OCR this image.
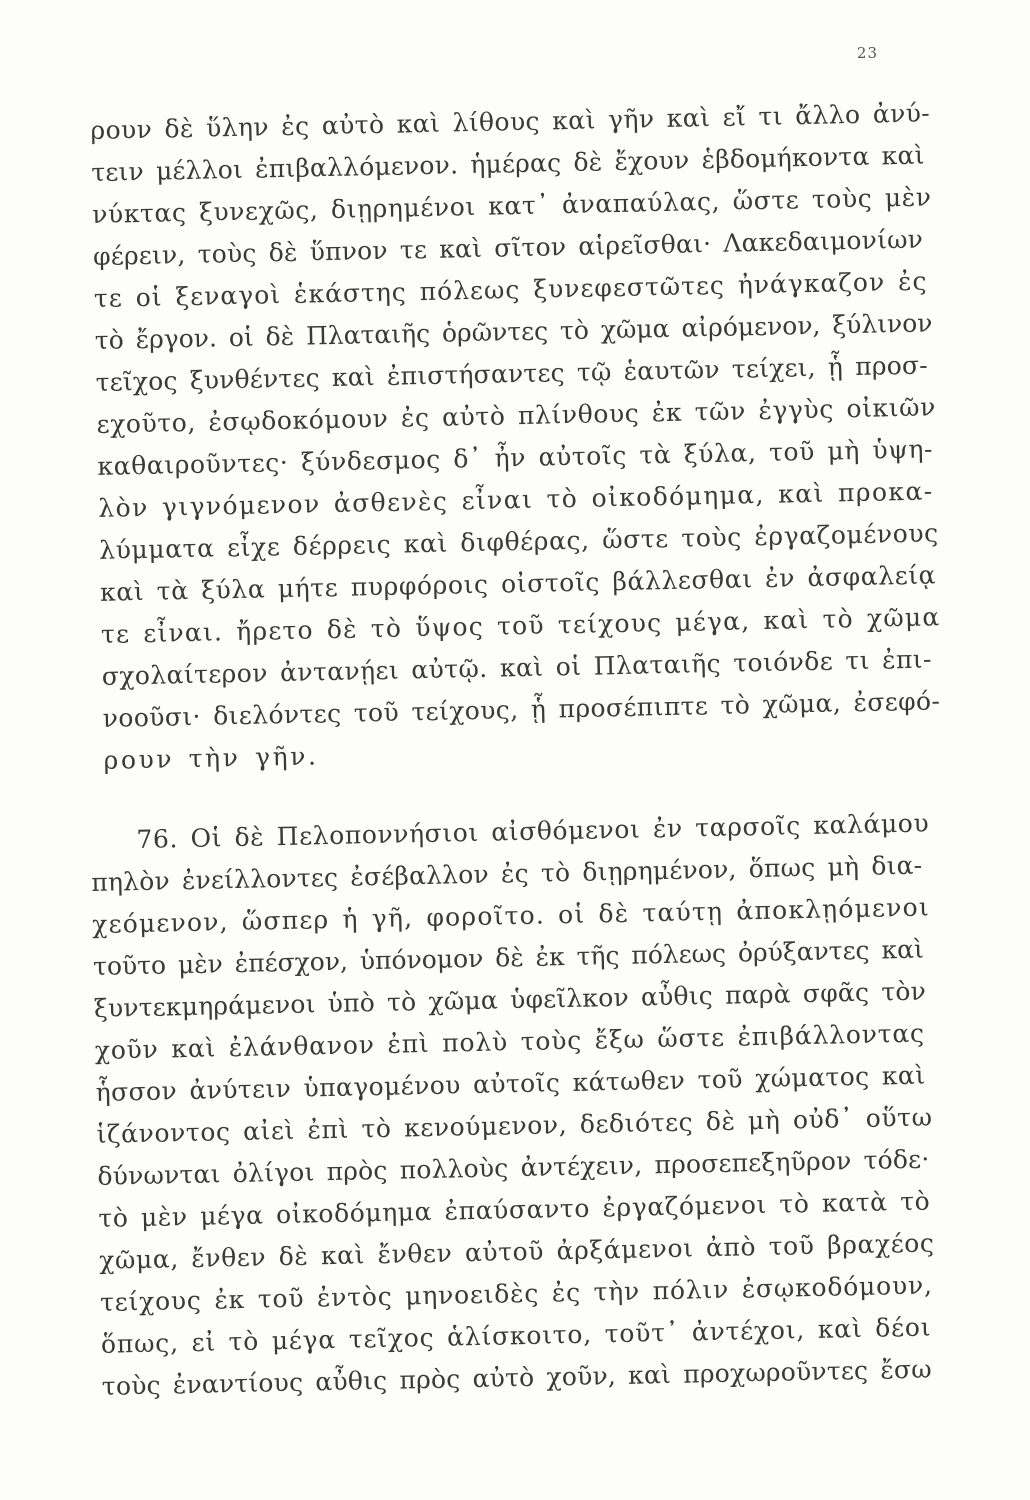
23
ρουν δὲ ὕλην ἐς αὐτὸ καὶ λίθους καὶ γῆν καὶ εἴ τι ἄλλο ἀνύ-
τειν μέλλοι ἐπιβαλλόμενον. ἡμέρας δὲ ἔχουν ἑβδομήκοντα καὶ
νύκτας ξυνεχῶς, διῃρημένοι κατ᾽ ἀναπαύλας, ὥστε τοὺς μὲν
φέρειν, τοὺς δὲ ὕπνον τε καὶ σῖτον αἱρεῖσθαι· Λακεδαιμονίων
τε οἱ ξεναγοὶ ἑκάστης πόλεως ξυνεφεστῶτες ἠνάγκαζον ἐς
τὸ ἔργον. οἱ δὲ Πλαταιῆς ὁρῶντες τὸ χῶμα αἰρόμενον, ξύλινον
τεῖχος ξυνθέντες καὶ ἐπιστήσαντες τῷ ἑαυτῶν τείχει, ᾗ προσ-
εχοῦτο, ἐσῳδοκόμουν ἐς αὐτὸ πλίνθους ἐκ τῶν ἐγγὺς οἰκιῶν
καθαιροῦντες· ξύνδεσμος δ᾽ ἦν αὐτοῖς τὰ ξύλα, τοῦ μὴ ὑψη-
λὸν γιγνόμενον ἀσθενὲς εἶναι τὸ οἰκοδόμημα, καὶ προκα-
λύμματα εἶχε δέρρεις καὶ διφθέρας, ὥστε τοὺς ἐργαζομένους
καὶ τὰ ξύλα μήτε πυρφόροις οἰστοῖς βάλλεσθαι ἐν ἀσφαλείᾳ
τε εἶναι. ἤρετο δὲ τὸ ὕψος τοῦ τείχους μέγα, καὶ τὸ χῶμα
σχολαίτερον ἀντανῄει αὐτῷ. καὶ οἱ Πλαταιῆς τοιόνδε τι ἐπι-
νοοῦσι· διελόντες τοῦ τείχους, ᾗ προσέπιπτε τὸ χῶμα, ἐσεφό-
ρουν τὴν γῆν.
76. Οἱ δὲ Πελοποννήσιοι αἰσθόμενοι ἐν ταρσοῖς καλάμου
πηλὸν ἐνείλλοντες ἐσέβαλλον ἐς τὸ διῃρημένον, ὅπως μὴ δια-
χεόμενον, ὥσπερ ἡ γῆ, φοροῖτο. οἱ δὲ ταύτῃ ἀποκλῃόμενοι
τοῦτο μὲν ἐπέσχον, ὑπόνομον δὲ ἐκ τῆς πόλεως ὀρύξαντες καὶ
ξυντεκμηράμενοι ὑπὸ τὸ χῶμα ὑφεῖλκον αὖθις παρὰ σφᾶς τὸν
χοῦν καὶ ἐλάνθανον ἐπὶ πολὺ τοὺς ἔξω ὥστε ἐπιβάλλοντας
ἧσσον ἀνύτειν ὑπαγομένου αὐτοῖς κάτωθεν τοῦ χώματος καὶ
ἱζάνοντος αἰεὶ ἐπὶ τὸ κενούμενον, δεδιότες δὲ μὴ οὐδ᾽ οὕτω
δύνωνται ὀλίγοι πρὸς πολλοὺς ἀντέχειν, προσεπεξηῦρον τόδε·
τὸ μὲν μέγα οἰκοδόμημα ἐπαύσαντο ἐργαζόμενοι τὸ κατὰ τὸ
χῶμα, ἔνθεν δὲ καὶ ἔνθεν αὐτοῦ ἀρξάμενοι ἀπὸ τοῦ βραχέος
τείχους ἐκ τοῦ ἐντὸς μηνοειδὲς ἐς τὴν πόλιν ἐσῳκοδόμουν,
ὅπως, εἰ τὸ μέγα τεῖχος ἁλίσκοιτο, τοῦτ᾽ ἀντέχοι, καὶ δέοι
τοὺς ἐναντίους αὖθις πρὸς αὐτὸ χοῦν, καὶ προχωροῦντες ἔσω
